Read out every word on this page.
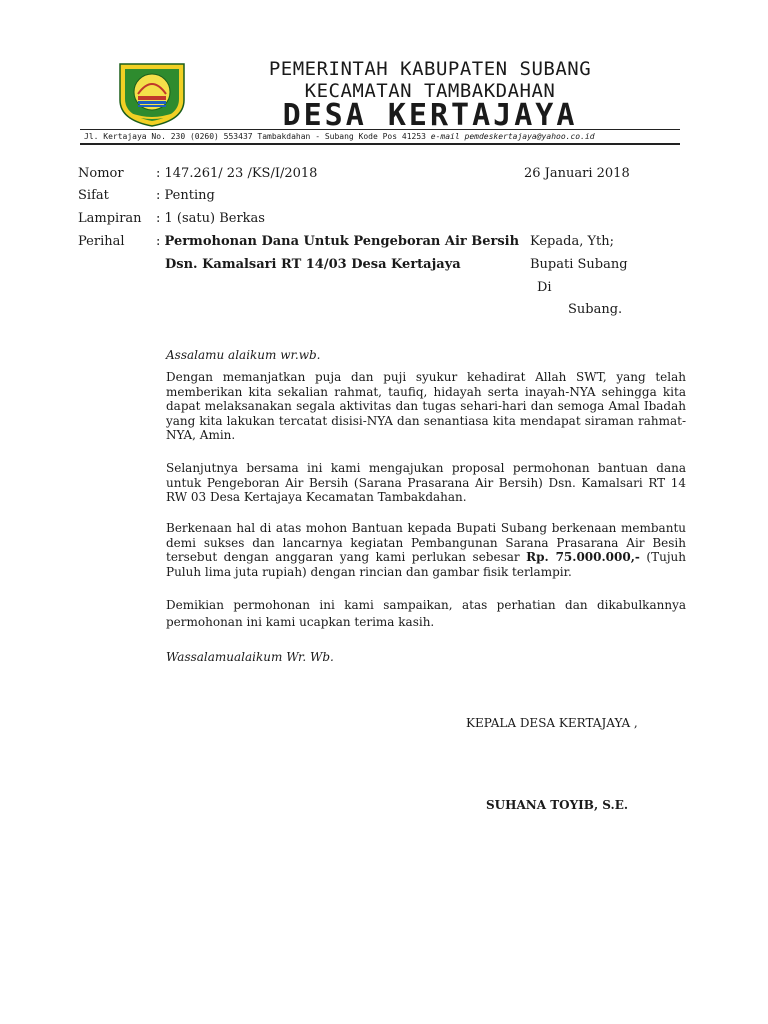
PEMERINTAH KABUPATEN SUBANG
KECAMATAN TAMBAKDAHAN
DESA KERTAJAYA
Jl. Kertajaya No. 230 (0260) 553437 Tambakdahan - Subang Kode Pos 41253 e-mail pemdeskertajaya@yahoo.co.id
Nomor : 147.261/ 23 /KS/I/2018	26 Januari 2018
Sifat	: Penting
Lampiran : 1 (satu) Berkas
Perihal : Permohonan Dana Untuk Pengeboran Air Bersih
Dsn. Kamalsari RT 14/03 Desa Kertajaya
Kepada, Yth;
Bupati Subang
Di
Subang.
Assalamu alaikum wr.wb.
Dengan memanjatkan puja dan puji syukur kehadirat Allah SWT, yang telah memberikan kita sekalian rahmat, taufiq, hidayah serta inayah-NYA sehingga kita dapat melaksanakan segala aktivitas dan tugas sehari-hari dan semoga Amal Ibadah yang kita lakukan tercatat disisi-NYA dan senantiasa kita mendapat siraman rahmat-NYA, Amin.
Selanjutnya bersama ini kami mengajukan proposal permohonan bantuan dana untuk Pengeboran Air Bersih (Sarana Prasarana Air Bersih) Dsn. Kamalsari RT 14 RW 03 Desa Kertajaya Kecamatan Tambakdahan.
Berkenaan hal di atas mohon Bantuan kepada Bupati Subang berkenaan membantu demi sukses dan lancarnya kegiatan Pembangunan Sarana Prasarana Air Besih tersebut dengan anggaran yang kami perlukan sebesar Rp. 75.000.000,- (Tujuh Puluh lima juta rupiah) dengan rincian dan gambar fisik terlampir.
Demikian permohonan ini kami sampaikan, atas perhatian dan dikabulkannya permohonan ini kami ucapkan terima kasih.
Wassalamualaikum Wr. Wb.
KEPALA DESA KERTAJAYA ,
SUHANA TOYIB, S.E.
